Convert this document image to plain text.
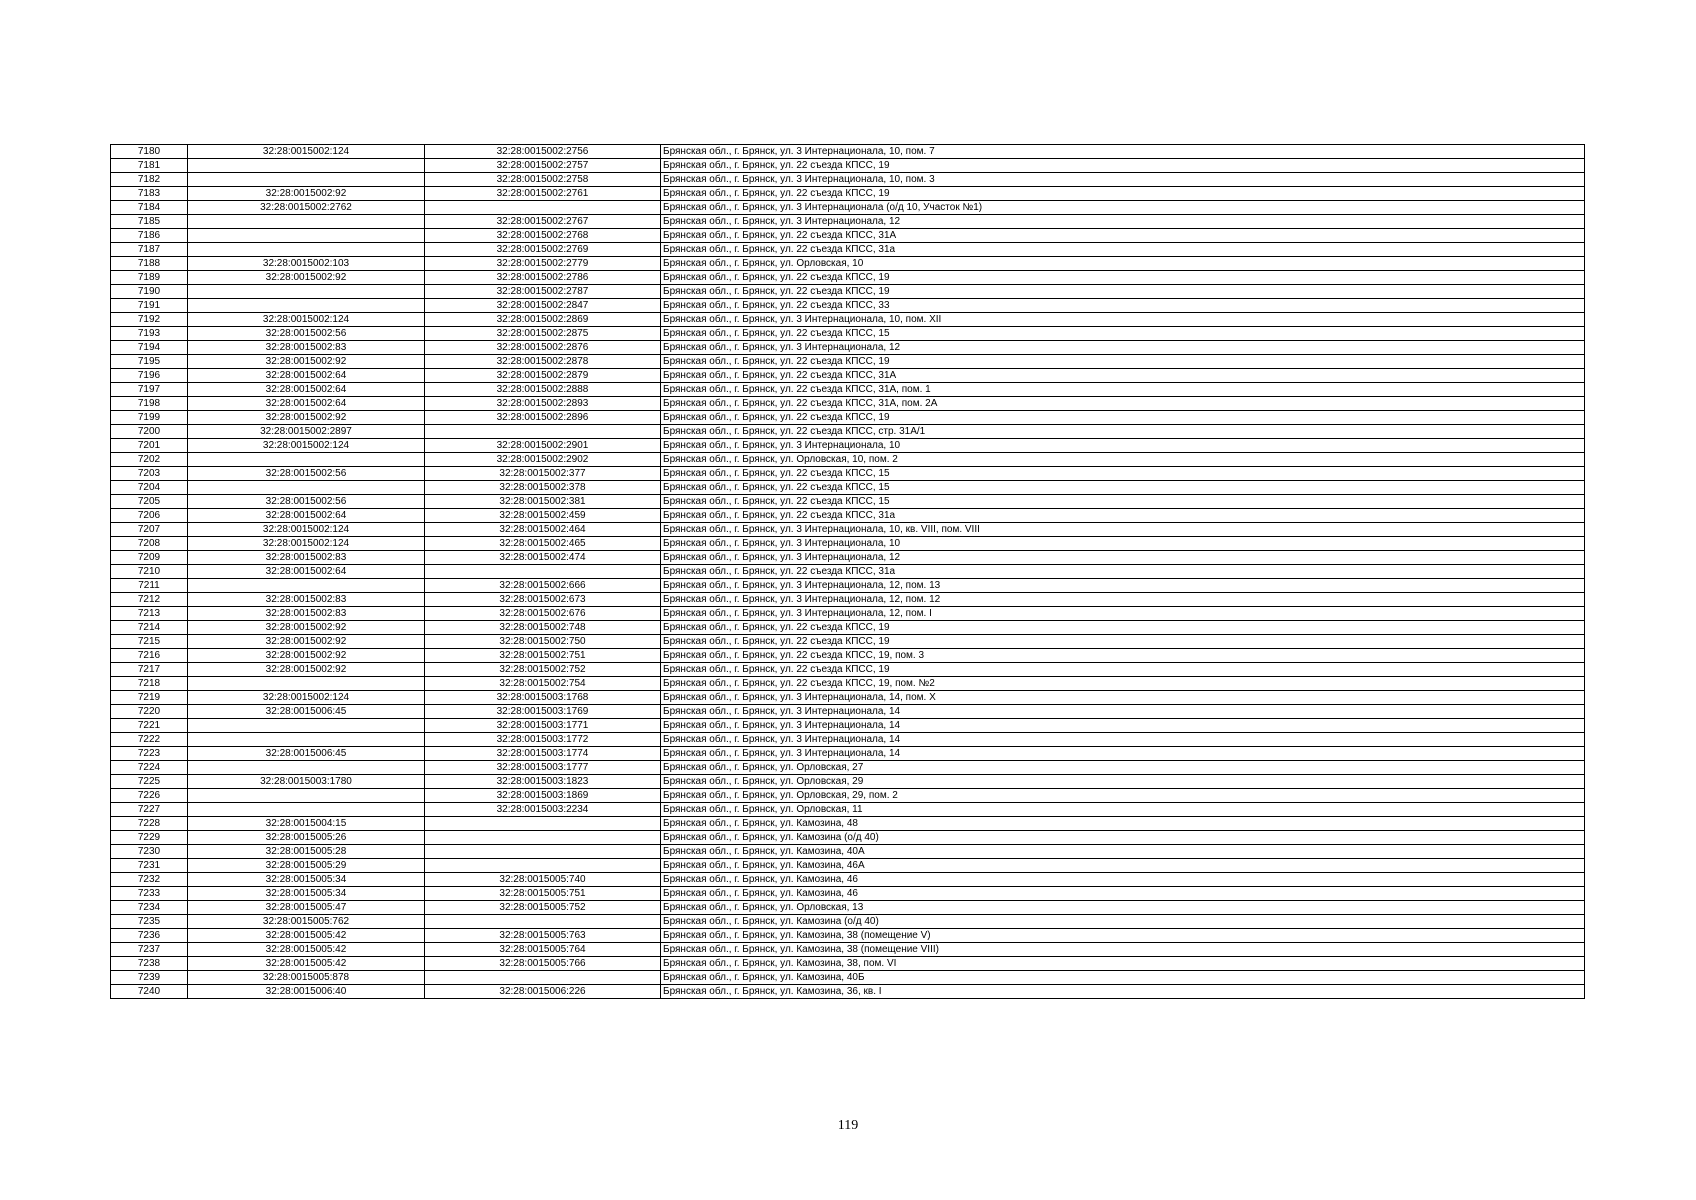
7180	32:28:0015002:124	32:28:0015002:2756	Брянская обл., г. Брянск, ул. 3 Интернационала, 10, пом. 7
7181		32:28:0015002:2757	Брянская обл., г. Брянск, ул. 22 съезда КПСС, 19
7182		32:28:0015002:2758	Брянская обл., г. Брянск, ул. 3 Интернационала, 10, пом. 3
7183	32:28:0015002:92	32:28:0015002:2761	Брянская обл., г. Брянск, ул. 22 съезда КПСС, 19
7184	32:28:0015002:2762		Брянская обл., г. Брянск, ул. 3 Интернационала (о/д 10, Участок №1)
7185		32:28:0015002:2767	Брянская обл., г. Брянск, ул. 3 Интернационала, 12
7186		32:28:0015002:2768	Брянская обл., г. Брянск, ул. 22 съезда КПСС, 31А
7187		32:28:0015002:2769	Брянская обл., г. Брянск, ул. 22 съезда КПСС, 31а
7188	32:28:0015002:103	32:28:0015002:2779	Брянская обл., г. Брянск, ул. Орловская, 10
7189	32:28:0015002:92	32:28:0015002:2786	Брянская обл., г. Брянск, ул. 22 съезда КПСС, 19
7190		32:28:0015002:2787	Брянская обл., г. Брянск, ул. 22 съезда КПСС, 19
7191		32:28:0015002:2847	Брянская обл., г. Брянск, ул. 22 съезда КПСС, 33
7192	32:28:0015002:124	32:28:0015002:2869	Брянская обл., г. Брянск, ул. 3 Интернационала, 10, пом. XII
7193	32:28:0015002:56	32:28:0015002:2875	Брянская обл., г. Брянск, ул. 22 съезда КПСС, 15
7194	32:28:0015002:83	32:28:0015002:2876	Брянская обл., г. Брянск, ул. 3 Интернационала, 12
7195	32:28:0015002:92	32:28:0015002:2878	Брянская обл., г. Брянск, ул. 22 съезда КПСС, 19
7196	32:28:0015002:64	32:28:0015002:2879	Брянская обл., г. Брянск, ул. 22 съезда КПСС, 31А
7197	32:28:0015002:64	32:28:0015002:2888	Брянская обл., г. Брянск, ул. 22 съезда КПСС, 31А, пом. 1
7198	32:28:0015002:64	32:28:0015002:2893	Брянская обл., г. Брянск, ул. 22 съезда КПСС, 31А, пом. 2А
7199	32:28:0015002:92	32:28:0015002:2896	Брянская обл., г. Брянск, ул. 22 съезда КПСС, 19
7200	32:28:0015002:2897		Брянская обл., г. Брянск, ул. 22 съезда КПСС, стр. 31А/1
7201	32:28:0015002:124	32:28:0015002:2901	Брянская обл., г. Брянск, ул. 3 Интернационала, 10
7202		32:28:0015002:2902	Брянская обл., г. Брянск, ул. Орловская, 10, пом. 2
7203	32:28:0015002:56	32:28:0015002:377	Брянская обл., г. Брянск, ул. 22 съезда КПСС, 15
7204		32:28:0015002:378	Брянская обл., г. Брянск, ул. 22 съезда КПСС, 15
7205	32:28:0015002:56	32:28:0015002:381	Брянская обл., г. Брянск, ул. 22 съезда КПСС, 15
7206	32:28:0015002:64	32:28:0015002:459	Брянская обл., г. Брянск, ул. 22 съезда КПСС, 31а
7207	32:28:0015002:124	32:28:0015002:464	Брянская обл., г. Брянск, ул. 3 Интернационала, 10, кв. VIII, пом. VIII
7208	32:28:0015002:124	32:28:0015002:465	Брянская обл., г. Брянск, ул. 3 Интернационала, 10
7209	32:28:0015002:83	32:28:0015002:474	Брянская обл., г. Брянск, ул. 3 Интернационала, 12
7210	32:28:0015002:64		Брянская обл., г. Брянск, ул. 22 съезда КПСС, 31а
7211		32:28:0015002:666	Брянская обл., г. Брянск, ул. 3 Интернационала, 12, пом. 13
7212	32:28:0015002:83	32:28:0015002:673	Брянская обл., г. Брянск, ул. 3 Интернационала, 12, пом. 12
7213	32:28:0015002:83	32:28:0015002:676	Брянская обл., г. Брянск, ул. 3 Интернационала, 12, пом. I
7214	32:28:0015002:92	32:28:0015002:748	Брянская обл., г. Брянск, ул. 22 съезда КПСС, 19
7215	32:28:0015002:92	32:28:0015002:750	Брянская обл., г. Брянск, ул. 22 съезда КПСС, 19
7216	32:28:0015002:92	32:28:0015002:751	Брянская обл., г. Брянск, ул. 22 съезда КПСС, 19, пом. 3
7217	32:28:0015002:92	32:28:0015002:752	Брянская обл., г. Брянск, ул. 22 съезда КПСС, 19
7218		32:28:0015002:754	Брянская обл., г. Брянск, ул. 22 съезда КПСС, 19, пом. №2
7219	32:28:0015002:124	32:28:0015003:1768	Брянская обл., г. Брянск, ул. 3 Интернационала, 14, пом. X
7220	32:28:0015006:45	32:28:0015003:1769	Брянская обл., г. Брянск, ул. 3 Интернационала, 14
7221		32:28:0015003:1771	Брянская обл., г. Брянск, ул. 3 Интернационала, 14
7222		32:28:0015003:1772	Брянская обл., г. Брянск, ул. 3 Интернационала, 14
7223	32:28:0015006:45	32:28:0015003:1774	Брянская обл., г. Брянск, ул. 3 Интернационала, 14
7224		32:28:0015003:1777	Брянская обл., г. Брянск, ул. Орловская, 27
7225	32:28:0015003:1780	32:28:0015003:1823	Брянская обл., г. Брянск, ул. Орловская, 29
7226		32:28:0015003:1869	Брянская обл., г. Брянск, ул. Орловская, 29, пом. 2
7227		32:28:0015003:2234	Брянская обл., г. Брянск, ул. Орловская, 11
7228	32:28:0015004:15		Брянская обл., г. Брянск, ул. Камозина, 48
7229	32:28:0015005:26		Брянская обл., г. Брянск, ул. Камозина (о/д 40)
7230	32:28:0015005:28		Брянская обл., г. Брянск, ул. Камозина, 40А
7231	32:28:0015005:29		Брянская обл., г. Брянск, ул. Камозина, 46А
7232	32:28:0015005:34	32:28:0015005:740	Брянская обл., г. Брянск, ул. Камозина, 46
7233	32:28:0015005:34	32:28:0015005:751	Брянская обл., г. Брянск, ул. Камозина, 46
7234	32:28:0015005:47	32:28:0015005:752	Брянская обл., г. Брянск, ул. Орловская, 13
7235	32:28:0015005:762		Брянская обл., г. Брянск, ул. Камозина (о/д 40)
7236	32:28:0015005:42	32:28:0015005:763	Брянская обл., г. Брянск, ул. Камозина, 38 (помещение V)
7237	32:28:0015005:42	32:28:0015005:764	Брянская обл., г. Брянск, ул. Камозина, 38 (помещение VIII)
7238	32:28:0015005:42	32:28:0015005:766	Брянская обл., г. Брянск, ул. Камозина, 38, пом. VI
7239	32:28:0015005:878		Брянская обл., г. Брянск, ул. Камозина, 40Б
7240	32:28:0015006:40	32:28:0015006:226	Брянская обл., г. Брянск, ул. Камозина, 36, кв. I
119
